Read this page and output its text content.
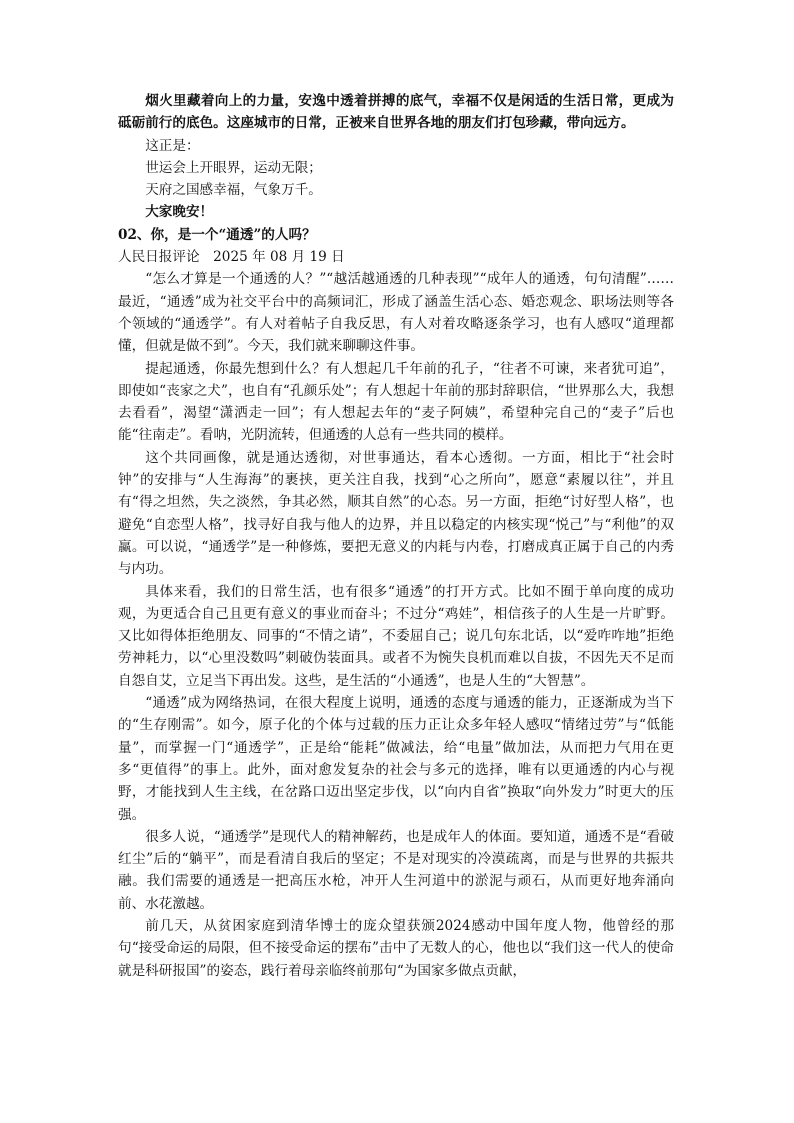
烟火里藏着向上的力量，安逸中透着拼搏的底气，幸福不仅是闲适的生活日常，更成为砥砺前行的底色。这座城市的日常，正被来自世界各地的朋友们打包珍藏，带向远方。

这正是：

世运会上开眼界，运动无限；

天府之国感幸福，气象万千。

大家晚安！

02、你，是一个“通透”的人吗？

人民日报评论　2025 年 08 月 19 日

“怎么才算是一个通透的人？”“越活越通透的几种表现”“成年人的通透，句句清醒”……最近，“通透”成为社交平台中的高频词汇，形成了涵盖生活心态、婚恋观念、职场法则等各个领域的“通透学”。有人对着帖子自我反思，有人对着攻略逐条学习，也有人感叹“道理都懂，但就是做不到”。今天，我们就来聊聊这件事。

提起通透，你最先想到什么？有人想起几千年前的孔子，“往者不可谏，来者犹可追”，即使如“丧家之犬”，也自有“孔颜乐处”；有人想起十年前的那封辞职信，“世界那么大，我想去看看”，渴望“潇洒走一回”；有人想起去年的“麦子阿姨”，希望种完自己的“麦子”后也能“往南走”。看呐，光阴流转，但通透的人总有一些共同的模样。

这个共同画像，就是通达透彻，对世事通达，看本心透彻。一方面，相比于“社会时钟”的安排与“人生海海”的裹挟，更关注自我，找到“心之所向”，愿意“素履以往”，并且有“得之坦然，失之淡然，争其必然，顺其自然”的心态。另一方面，拒绝“讨好型人格”，也避免“自恋型人格”，找寻好自我与他人的边界，并且以稳定的内核实现“悦己”与“利他”的双赢。可以说，“通透学”是一种修炼，要把无意义的内耗与内卷，打磨成真正属于自己的内秀与内功。

具体来看，我们的日常生活，也有很多“通透”的打开方式。比如不囿于单向度的成功观，为更适合自己且更有意义的事业而奋斗；不过分“鸡娃”，相信孩子的人生是一片旷野。又比如得体拒绝朋友、同事的“不情之请”，不委屈自己；说几句东北话，以“爱咋咋地”拒绝劳神耗力，以“心里没数吗”刺破伪装面具。或者不为惋失良机而难以自拔，不因先天不足而自怨自艾，立足当下再出发。这些，是生活的“小通透”，也是人生的“大智慧”。

“通透”成为网络热词，在很大程度上说明，通透的态度与通透的能力，正逐渐成为当下的“生存刚需”。如今，原子化的个体与过载的压力正让众多年轻人感叹“情绪过劳”与“低能量”，而掌握一门“通透学”，正是给“能耗”做减法，给“电量”做加法，从而把力气用在更多“更值得”的事上。此外，面对愈发复杂的社会与多元的选择，唯有以更通透的内心与视野，才能找到人生主线，在岔路口迈出坚定步伐，以“向内自省”换取“向外发力”时更大的压强。

很多人说，“通透学”是现代人的精神解药，也是成年人的体面。要知道，通透不是“看破红尘”后的“躺平”，而是看清自我后的坚定；不是对现实的冷漠疏离，而是与世界的共振共融。我们需要的通透是一把高压水枪，冲开人生河道中的淤泥与顽石，从而更好地奔涌向前、水花激越。

前几天，从贫困家庭到清华博士的庞众望获颁2024感动中国年度人物，他曾经的那句“接受命运的局限，但不接受命运的摆布”击中了无数人的心，他也以“我们这一代人的使命就是科研报国”的姿态，践行着母亲临终前那句“为国家多做点贡献，
